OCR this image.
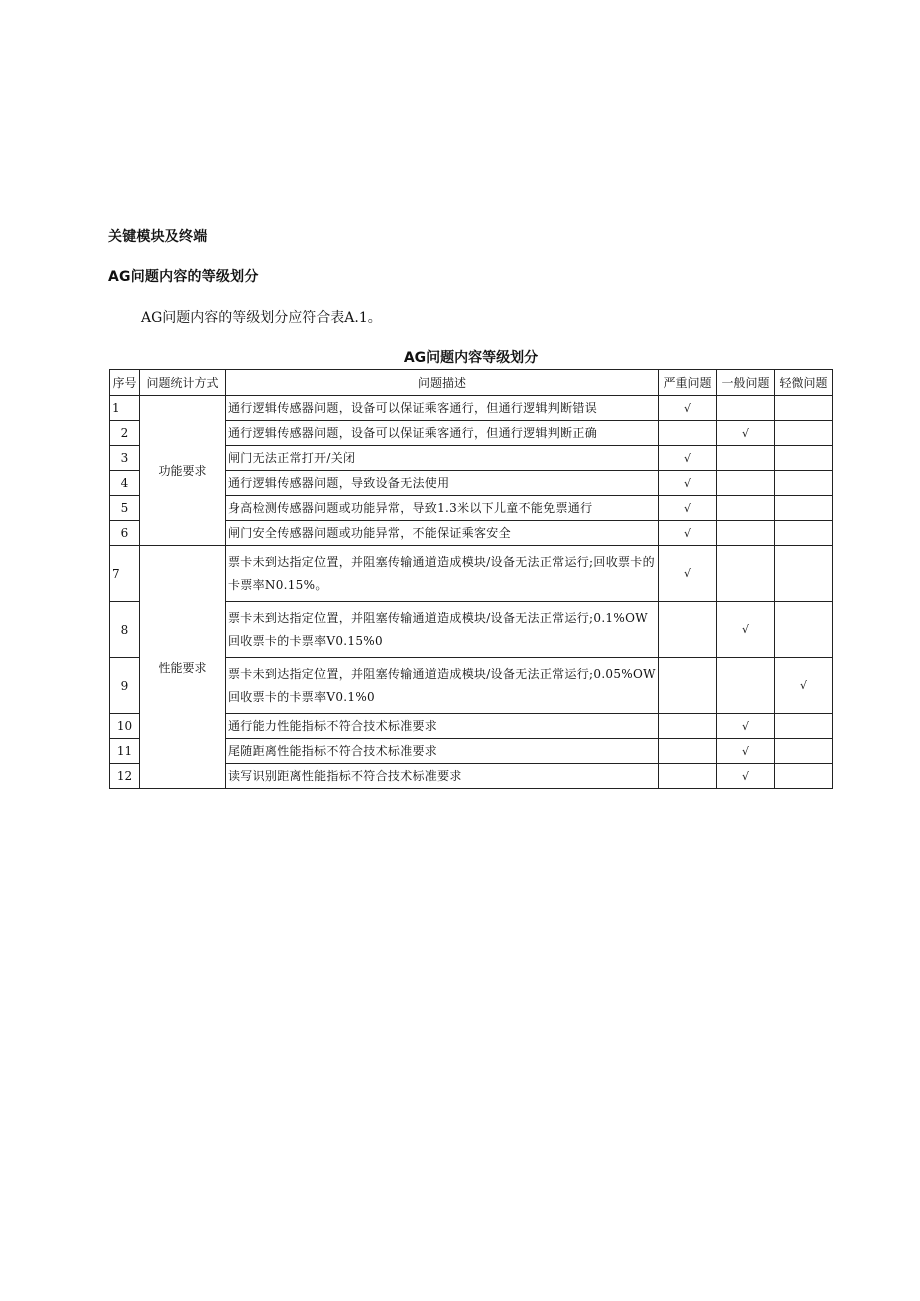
关键模块及终端
AG问题内容的等级划分
AG问题内容的等级划分应符合表A.1。
AG问题内容等级划分
序号	问题统计方式	问题描述	严重问题	一般问题	轻微问题
1	功能要求	通行逻辑传感器问题，设备可以保证乘客通行，但通行逻辑判断错误	√		
2		通行逻辑传感器问题，设备可以保证乘客通行，但通行逻辑判断正确		√	
3		闸门无法正常打开/关闭	√		
4		通行逻辑传感器问题，导致设备无法使用	√		
5		身高检测传感器问题或功能异常，导致1.3米以下儿童不能免票通行	√		
6		闸门安全传感器问题或功能异常，不能保证乘客安全	√		
7	性能要求	票卡未到达指定位置，并阻塞传输通道造成模块/设备无法正常运行;回收票卡的卡票率N0.15%。	√		
8		票卡未到达指定位置，并阻塞传输通道造成模块/设备无法正常运行;0.1%OW回收票卡的卡票率V0.15%0		√	
9		票卡未到达指定位置，并阻塞传输通道造成模块/设备无法正常运行;0.05%OW回收票卡的卡票率V0.1%0			√
10		通行能力性能指标不符合技术标准要求		√	
11		尾随距离性能指标不符合技术标准要求		√	
12		读写识别距离性能指标不符合技术标准要求		√	
